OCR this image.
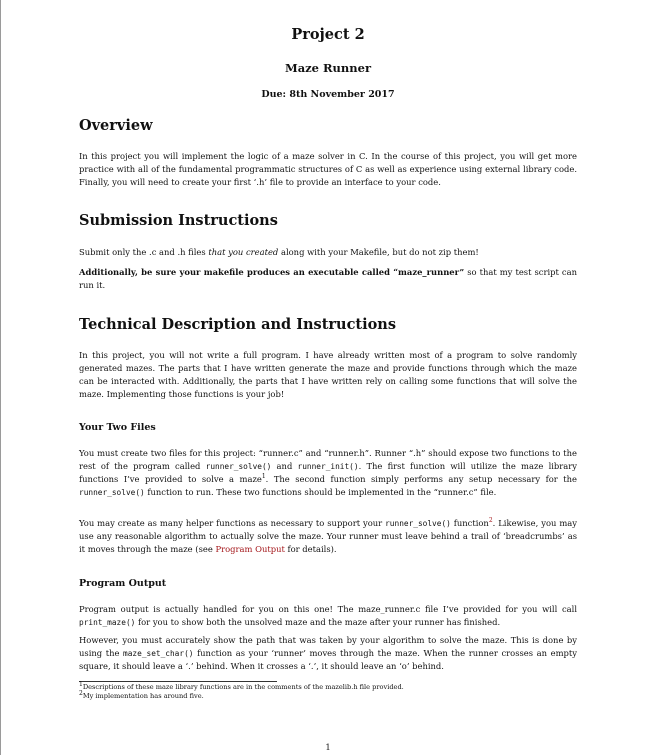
Project 2
Maze Runner
Due: 8th November 2017
Overview

In this project you will implement the logic of a maze solver in C. In the course of this project, you will get more practice with all of the fundamental programmatic structures of C as well as experience using external library code. Finally, you will need to create your first ‘.h’ file to provide an interface to your code.

Submission Instructions

Submit only the .c and .h files that you created along with your Makefile, but do not zip them!

Additionally, be sure your makefile produces an executable called “maze_runner” so that my test script can run it.

Technical Description and Instructions

In this project, you will not write a full program. I have already written most of a program to solve randomly generated mazes. The parts that I have written generate the maze and provide functions through which the maze can be interacted with. Additionally, the parts that I have written rely on calling some functions that will solve the maze. Implementing those functions is your job!

Your Two Files

You must create two files for this project: “runner.c” and “runner.h”. Runner “.h” should expose two functions to the rest of the program called runner_solve() and runner_init(). The first function will utilize the maze library functions I’ve provided to solve a maze$^1$. The second function simply performs any setup necessary for the runner_solve() function to run. These two functions should be implemented in the “runner.c” file.

You may create as many helper functions as necessary to support your runner_solve() function$^2$. Likewise, you may use any reasonable algorithm to actually solve the maze. Your runner must leave behind a trail of ‘breadcrumbs’ as it moves through the maze (see Program Output for details).

Program Output

Program output is actually handled for you on this one! The maze_runner.c file I’ve provided for you will call print_maze() for you to show both the unsolved maze and the maze after your runner has finished.

However, you must accurately show the path that was taken by your algorithm to solve the maze. This is done by using the maze_set_char() function as your ‘runner’ moves through the maze. When the runner crosses an empty square, it should leave a ‘.’ behind. When it crosses a ‘.’, it should leave an ‘o’ behind.

$^1$Descriptions of these maze library functions are in the comments of the mazelib.h file provided.
$^2$My implementation has around five.
1
